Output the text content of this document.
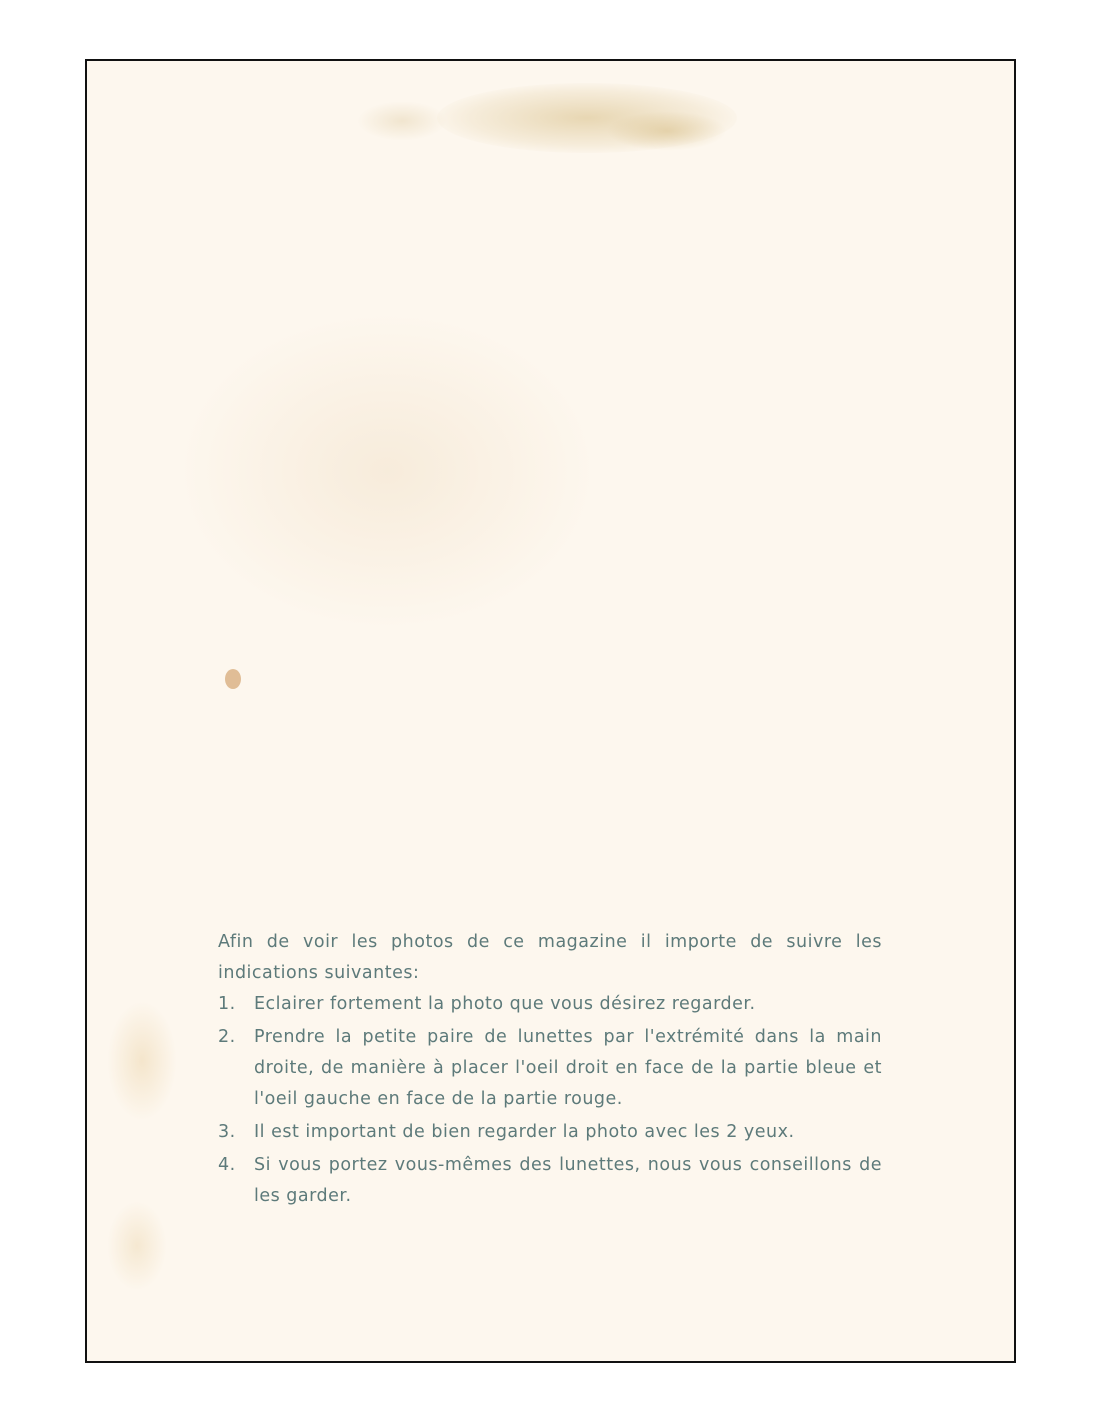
Afin de voir les photos de ce magazine il importe de suivre les indications suivantes:

1.	Eclairer fortement la photo que vous désirez regarder.
2.	Prendre la petite paire de lunettes par l'extrémité dans la main droite, de manière à placer l'oeil droit en face de la partie bleue et l'oeil gauche en face de la partie rouge.
3.	Il est important de bien regarder la photo avec les 2 yeux.
4.	Si vous portez vous-mêmes des lunettes, nous vous conseillons de les garder.
